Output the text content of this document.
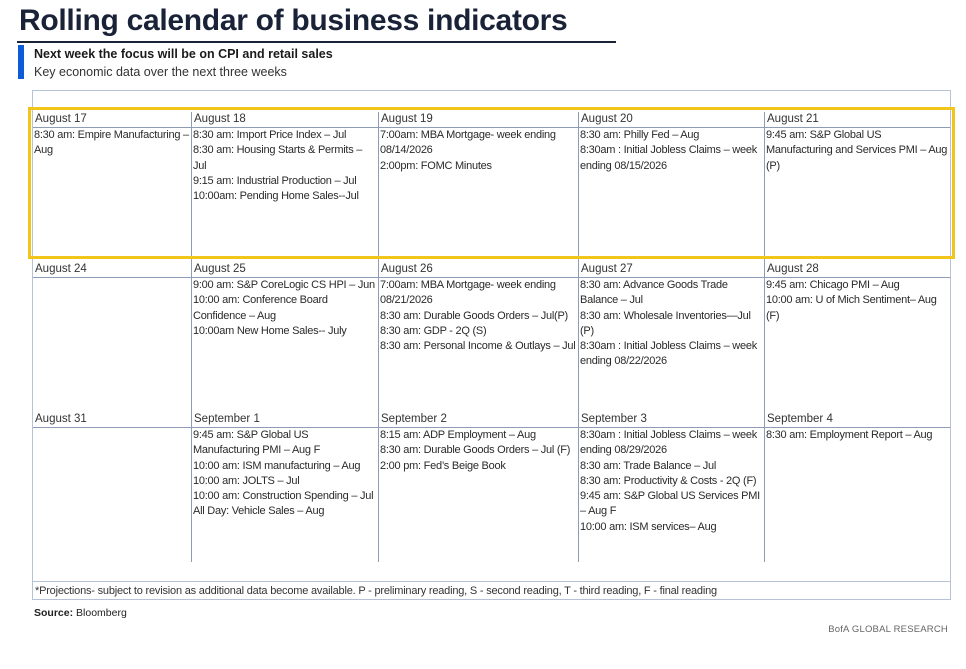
Rolling calendar of business indicators
Next week the focus will be on CPI and retail sales
Key economic data over the next three weeks
August 31	September 1
9:45 am: S&P Global US Manufacturing PMI – Aug F
10:00 am: ISM manufacturing – Aug
10:00 am: JOLTS – Jul
10:00 am: Construction Spending – Jul
All Day: Vehicle Sales – Aug
September 2
8:15 am: ADP Employment – Aug
8:30 am: Durable Goods Orders – Jul (F)
2:00 pm: Fed’s Beige Book
September 3
8:30am : Initial Jobless Claims – week ending 08/29/2026
8:30 am: Trade Balance – Jul
8:30 am: Productivity & Costs - 2Q (F)
9:45 am: S&P Global US Services PMI – Aug F
10:00 am: ISM services– Aug
September 4
8:30 am: Employment Report – Aug
August 24	August 25
9:00 am: S&P CoreLogic CS HPI – Jun
10:00 am: Conference Board Confidence – Aug
10:00am New Home Sales-- July
August 26
7:00am: MBA Mortgage- week ending 08/21/2026
8:30 am: Durable Goods Orders – Jul(P)
8:30 am: GDP - 2Q (S)
8:30 am: Personal Income & Outlays – Jul
August 27
8:30 am: Advance Goods Trade Balance – Jul
8:30 am: Wholesale Inventories—Jul (P)
8:30am : Initial Jobless Claims – week ending 08/22/2026
August 28
9:45 am: Chicago PMI – Aug
10:00 am: U of Mich Sentiment– Aug (F)
August 17
8:30 am: Empire Manufacturing – Aug
August 18
8:30 am: Import Price Index – Jul
8:30 am: Housing Starts & Permits – Jul
9:15 am: Industrial Production – Jul
10:00am: Pending Home Sales--Jul
August 19
7:00am: MBA Mortgage- week ending 08/14/2026
2:00pm: FOMC Minutes
August 20
8:30 am: Philly Fed – Aug
8:30am : Initial Jobless Claims – week ending 08/15/2026
August 21
9:45 am: S&P Global US Manufacturing and Services PMI – Aug (P)
*Projections- subject to revision as additional data become available. P - preliminary reading, S - second reading, T - third reading, F - final reading
Source: Bloomberg
BofA GLOBAL RESEARCH
